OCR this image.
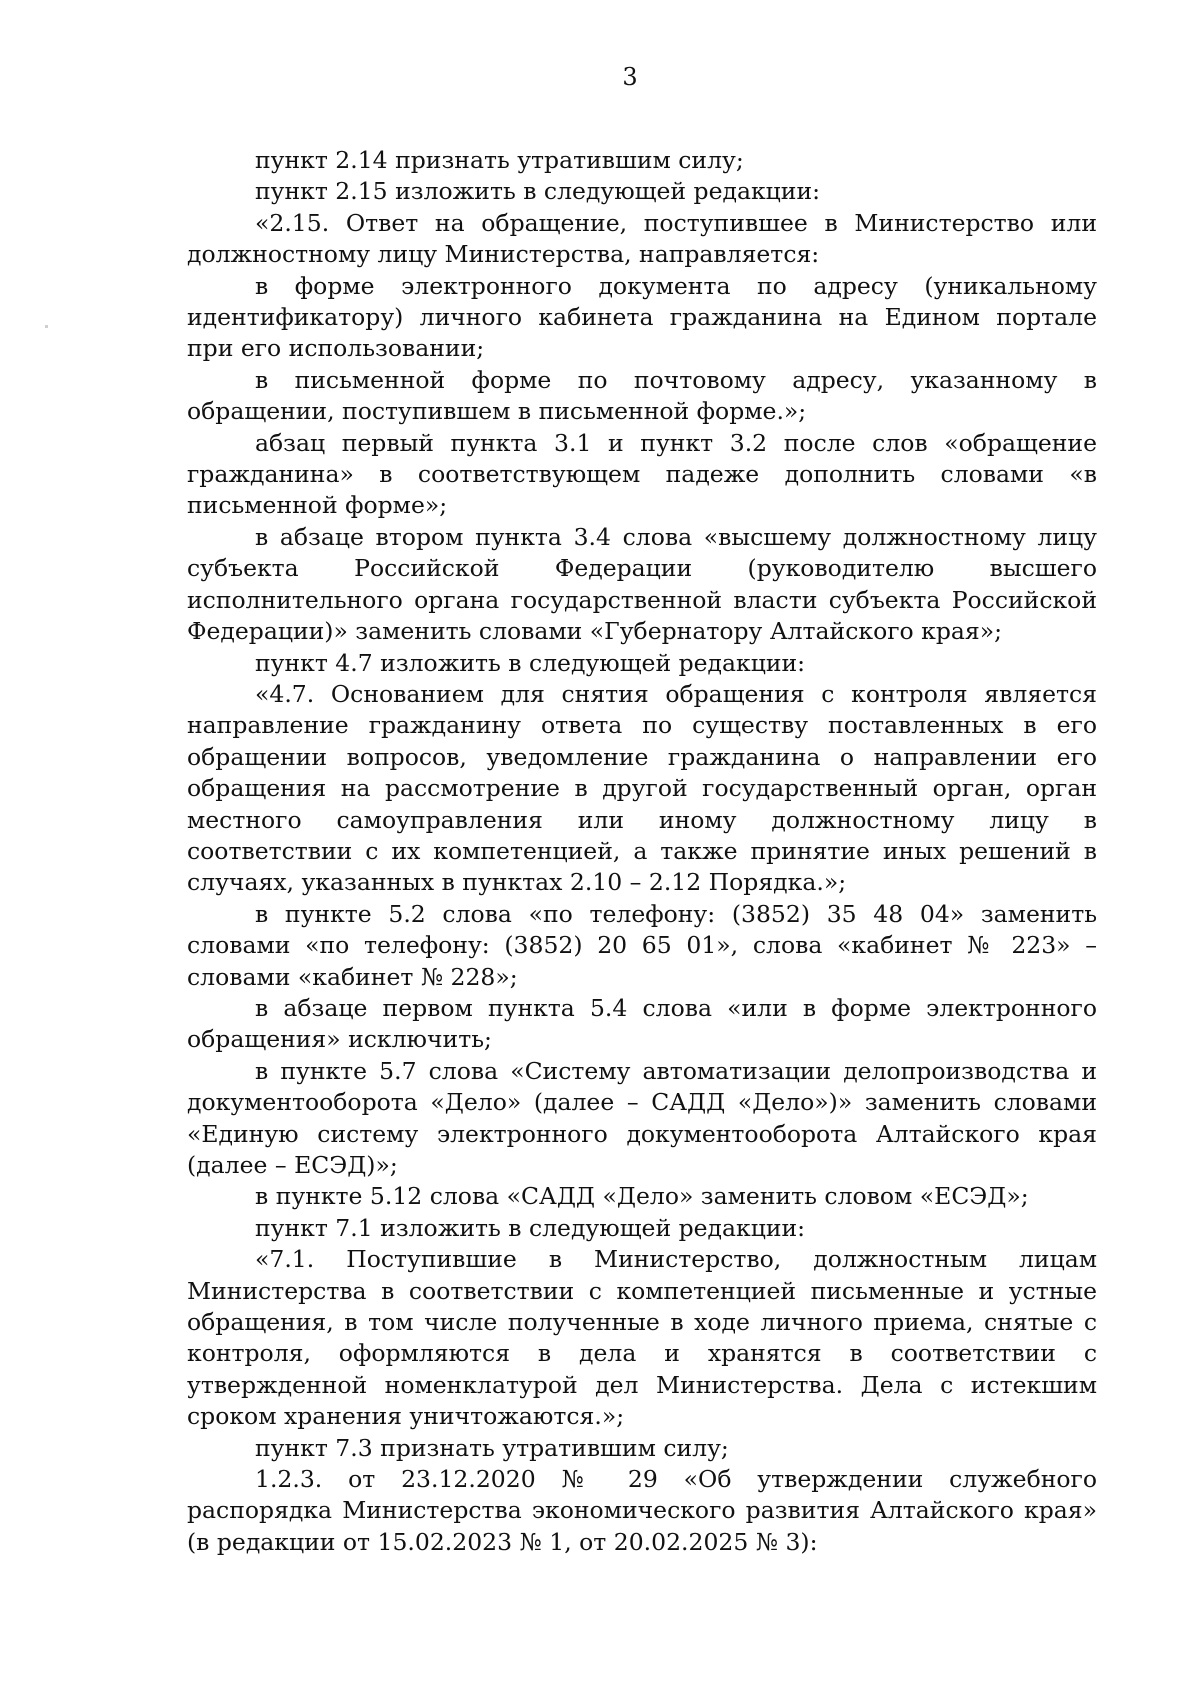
3

пункт 2.14 признать утратившим силу;

пункт 2.15 изложить в следующей редакции:

«2.15. Ответ на обращение, поступившее в Министерство или должностному лицу Министерства, направляется:

в форме электронного документа по адресу (уникальному идентификатору) личного кабинета гражданина на Едином портале при его использовании;

в письменной форме по почтовому адресу, указанному в обращении, поступившем в письменной форме.»;

абзац первый пункта 3.1 и пункт 3.2 после слов «обращение гражданина» в соответствующем падеже дополнить словами «в письменной форме»;

в абзаце втором пункта 3.4 слова «высшему должностному лицу субъекта Российской Федерации (руководителю высшего исполнительного органа государственной власти субъекта Российской Федерации)» заменить словами «Губернатору Алтайского края»;

пункт 4.7 изложить в следующей редакции:

«4.7. Основанием для снятия обращения с контроля является направление гражданину ответа по существу поставленных в его обращении вопросов, уведомление гражданина о направлении его обращения на рассмотрение в другой государственный орган, орган местного самоуправления или иному должностному лицу в соответствии с их компетенцией, а также принятие иных решений в случаях, указанных в пунктах 2.10 – 2.12 Порядка.»;

в пункте 5.2 слова «по телефону: (3852) 35 48 04» заменить словами «по телефону: (3852) 20 65 01», слова «кабинет № 223» – словами «кабинет № 228»;

в абзаце первом пункта 5.4 слова «или в форме электронного обращения» исключить;

в пункте 5.7 слова «Систему автоматизации делопроизводства и документооборота «Дело» (далее – САДД «Дело»)» заменить словами «Единую систему электронного документооборота Алтайского края (далее – ЕСЭД)»;

в пункте 5.12 слова «САДД «Дело» заменить словом «ЕСЭД»;

пункт 7.1 изложить в следующей редакции:

«7.1. Поступившие в Министерство, должностным лицам Министерства в соответствии с компетенцией письменные и устные обращения, в том числе полученные в ходе личного приема, снятые с контроля, оформляются в дела и хранятся в соответствии с утвержденной номенклатурой дел Министерства. Дела с истекшим сроком хранения уничтожаются.»;

пункт 7.3 признать утратившим силу;

1.2.3. от 23.12.2020 № 29 «Об утверждении служебного распорядка Министерства экономического развития Алтайского края» (в редакции от 15.02.2023 № 1, от 20.02.2025 № 3):
